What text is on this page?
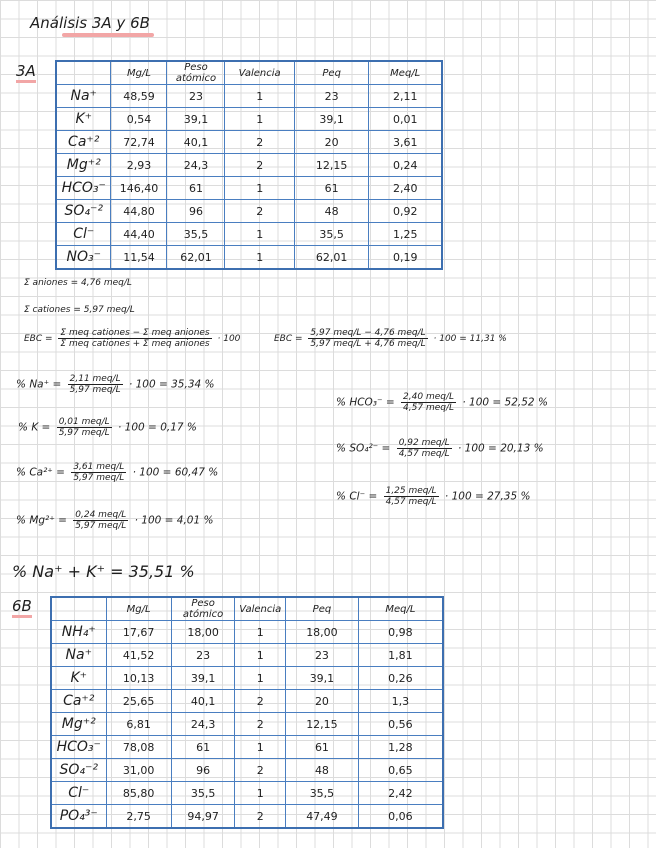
Análisis 3A y 6B
3A
		Mg/L	Peso atómico	Valencia	Peq	Meq/L
Na⁺	48,59	23	1	23	2,11
K⁺	0,54	39,1	1	39,1	0,01
Ca⁺²	72,74	40,1	2	20	3,61
Mg⁺²	2,93	24,3	2	12,15	0,24
HCO₃⁻	146,40	61	1	61	2,40
SO₄⁻²	44,80	96	2	48	0,92
Cl⁻	44,40	35,5	1	35,5	1,25
NO₃⁻	11,54	62,01	1	62,01	0,19
Σ aniones = 4,76 meq/L
Σ cationes = 5,97 meq/L
EBC = $\frac{\text{Σ meq cationes − Σ meq aniones}}{\text{Σ meq cationes + Σ meq aniones}} \cdot 100$	EBC = $\frac{\text{5,97 meq/L − 4,76 meq/L}}{\text{5,97 meq/L + 4,76 meq/L}} \cdot 100 = 11,31$ %
% $Na^+ = \frac{\text{2,11 meq/L}}{\text{5,97 meq/L}} \cdot 100 = 35,34$ %
% $K = \frac{\text{0,01 meq/L}}{\text{5,97 meq/L}} \cdot 100 = 0,17$ %
% $Ca^{2+} = \frac{\text{3,61 meq/L}}{\text{5,97 meq/L}} \cdot 100 = 60,47$ %
% $Mg^{2+} = \frac{\text{0,24 meq/L}}{\text{5,97 meq/L}} \cdot 100 = 4,01$ %
% $HCO_3^- = \frac{\text{2,40 meq/L}}{\text{4,57 meq/L}} \cdot 100 = 52,52$ %
% $SO_4^{2-} = \frac{\text{0,92 meq/L}}{\text{4,57 meq/L}} \cdot 100 = 20,13$ %
% $Cl^- = \frac{\text{1,25 meq/L}}{\text{4,57 meq/L}} \cdot 100 = 27,35$ %
% Na⁺ + K⁺ = 35,51 %
6B
		Mg/L	Peso atómico	Valencia	Peq	Meq/L
NH₄⁺	17,67	18,00	1	18,00	0,98
Na⁺	41,52	23	1	23	1,81
K⁺	10,13	39,1	1	39,1	0,26
Ca⁺²	25,65	40,1	2	20	1,3
Mg⁺²	6,81	24,3	2	12,15	0,56
HCO₃⁻	78,08	61	1	61	1,28
SO₄⁻²	31,00	96	2	48	0,65
Cl⁻	85,80	35,5	1	35,5	2,42
PO₄³⁻	2,75	94,97	2	47,49	0,06
